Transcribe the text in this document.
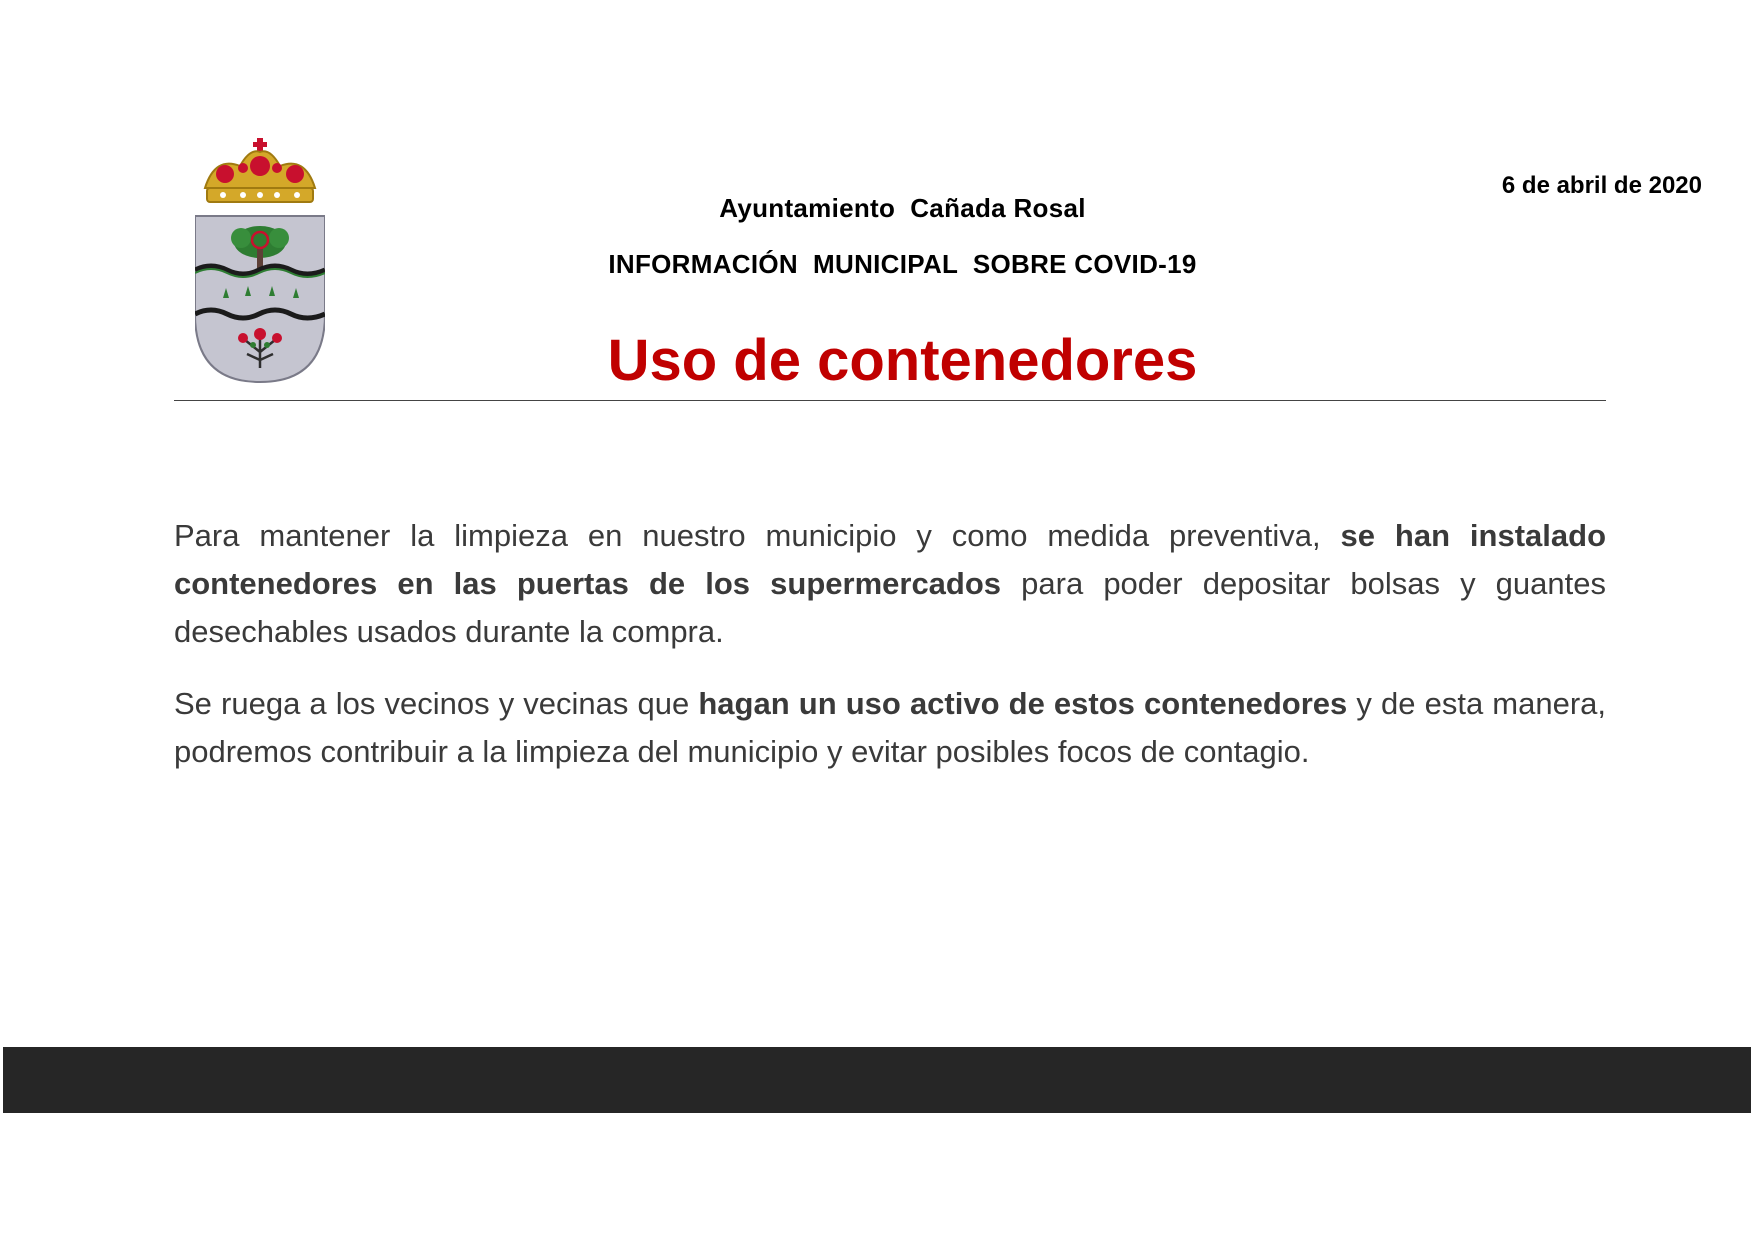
6 de abril de 2020
Ayuntamiento  Cañada Rosal
INFORMACIÓN  MUNICIPAL  SOBRE COVID-19
Uso de contenedores

Para mantener la limpieza en nuestro municipio y como medida preventiva, se han instalado contenedores en las puertas de los supermercados para poder depositar bolsas y guantes desechables usados durante la compra.

Se ruega a los vecinos y vecinas que hagan un uso activo de estos contenedores y de esta manera, podremos contribuir a la limpieza del municipio y evitar posibles focos de contagio.
